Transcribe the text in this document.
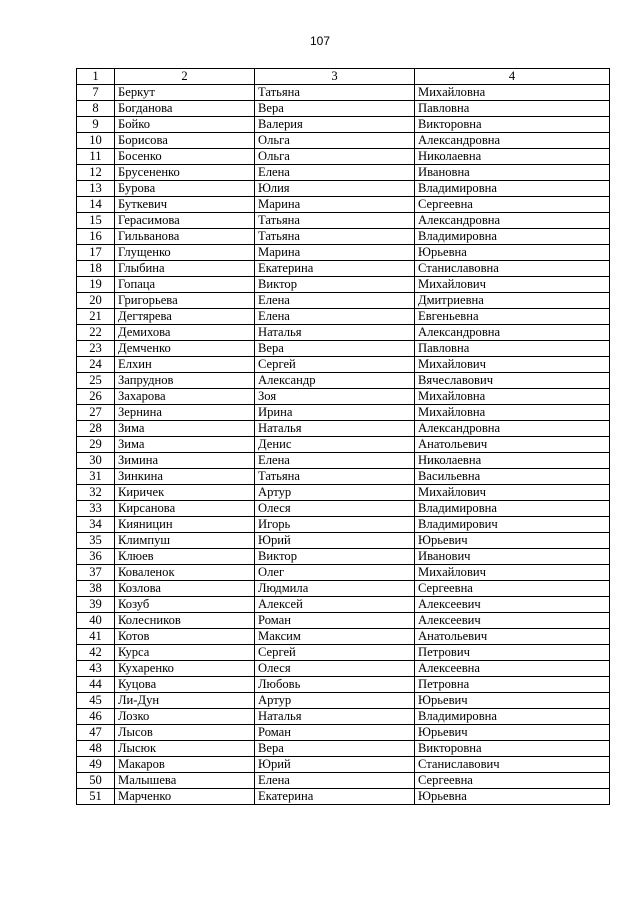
107
1	2	3	4
7	Беркут	Татьяна	Михайловна
8	Богданова	Вера	Павловна
9	Бойко	Валерия	Викторовна
10	Борисова	Ольга	Александровна
11	Босенко	Ольга	Николаевна
12	Брусененко	Елена	Ивановна
13	Бурова	Юлия	Владимировна
14	Буткевич	Марина	Сергеевна
15	Герасимова	Татьяна	Александровна
16	Гильванова	Татьяна	Владимировна
17	Глущенко	Марина	Юрьевна
18	Глыбина	Екатерина	Станиславовна
19	Гопаца	Виктор	Михайлович
20	Григорьева	Елена	Дмитриевна
21	Дегтярева	Елена	Евгеньевна
22	Демихова	Наталья	Александровна
23	Демченко	Вера	Павловна
24	Елхин	Сергей	Михайлович
25	Запруднов	Александр	Вячеславович
26	Захарова	Зоя	Михайловна
27	Зернина	Ирина	Михайловна
28	Зима	Наталья	Александровна
29	Зима	Денис	Анатольевич
30	Зимина	Елена	Николаевна
31	Зинкина	Татьяна	Васильевна
32	Киричек	Артур	Михайлович
33	Кирсанова	Олеся	Владимировна
34	Кияницин	Игорь	Владимирович
35	Климпуш	Юрий	Юрьевич
36	Клюев	Виктор	Иванович
37	Коваленок	Олег	Михайлович
38	Козлова	Людмила	Сергеевна
39	Козуб	Алексей	Алексеевич
40	Колесников	Роман	Алексеевич
41	Котов	Максим	Анатольевич
42	Курса	Сергей	Петрович
43	Кухаренко	Олеся	Алексеевна
44	Куцова	Любовь	Петровна
45	Ли-Дун	Артур	Юрьевич
46	Лозко	Наталья	Владимировна
47	Лысов	Роман	Юрьевич
48	Лысюк	Вера	Викторовна
49	Макаров	Юрий	Станиславович
50	Малышева	Елена	Сергеевна
51	Марченко	Екатерина	Юрьевна
